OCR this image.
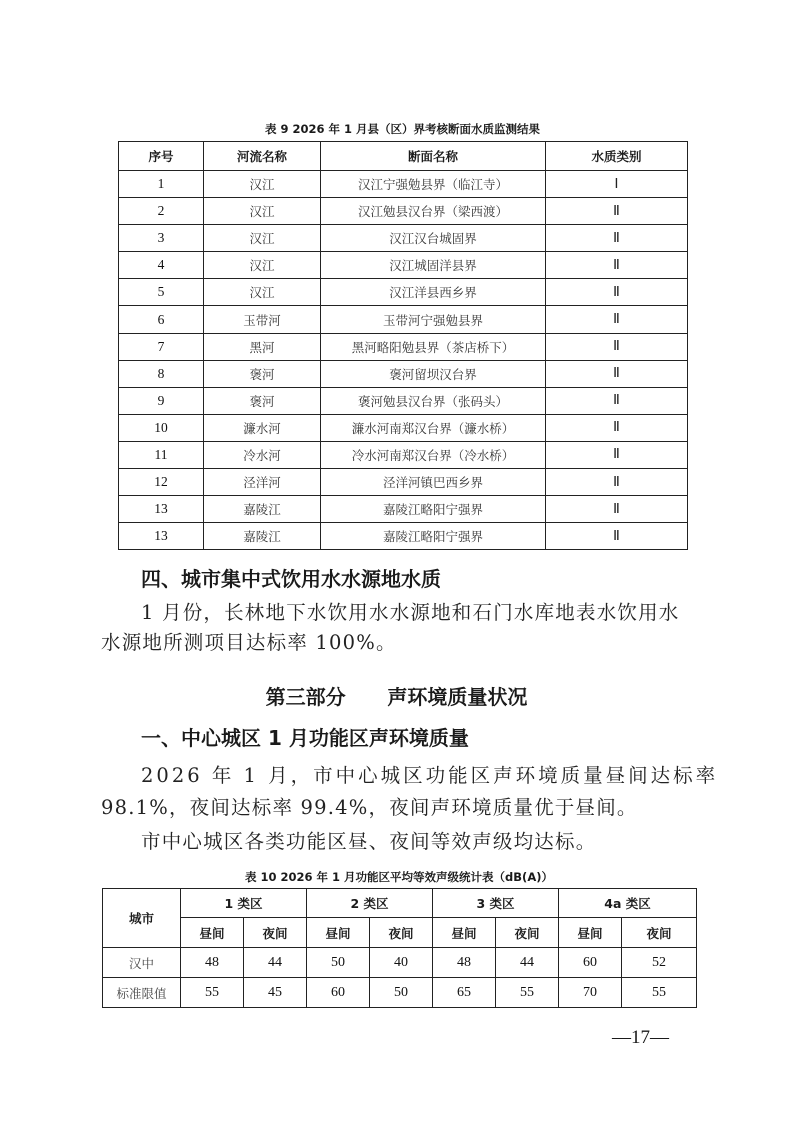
表 9 2026 年 1 月县（区）界考核断面水质监测结果
序号	河流名称	断面名称	水质类别
1	汉江	汉江宁强勉县界（临江寺）	Ⅰ
2	汉江	汉江勉县汉台界（梁西渡）	Ⅱ
3	汉江	汉江汉台城固界	Ⅱ
4	汉江	汉江城固洋县界	Ⅱ
5	汉江	汉江洋县西乡界	Ⅱ
6	玉带河	玉带河宁强勉县界	Ⅱ
7	黑河	黑河略阳勉县界（茶店桥下）	Ⅱ
8	褒河	褒河留坝汉台界	Ⅱ
9	褒河	褒河勉县汉台界（张码头）	Ⅱ
10	濂水河	濂水河南郑汉台界（濂水桥）	Ⅱ
11	冷水河	冷水河南郑汉台界（冷水桥）	Ⅱ
12	泾洋河	泾洋河镇巴西乡界	Ⅱ
13	嘉陵江	嘉陵江略阳宁强界	Ⅱ
13	嘉陵江	嘉陵江略阳宁强界	Ⅱ
四、城市集中式饮用水水源地水质
1 月份，长林地下水饮用水水源地和石门水库地表水饮用水
水源地所测项目达标率 100%。
第三部分      声环境质量状况
一、中心城区 1 月功能区声环境质量
2026 年 1 月，市中心城区功能区声环境质量昼间达标率
98.1%，夜间达标率 99.4%，夜间声环境质量优于昼间。
市中心城区各类功能区昼、夜间等效声级均达标。
表 10 2026 年 1 月功能区平均等效声级统计表（dB(A)）
城市	1 类区		2 类区		3 类区		4a 类区	
	昼间	夜间	昼间	夜间	昼间	夜间	昼间	夜间
汉中	48	44	50	40	48	44	60	52
标准限值	55	45	60	50	65	55	70	55
—17—
